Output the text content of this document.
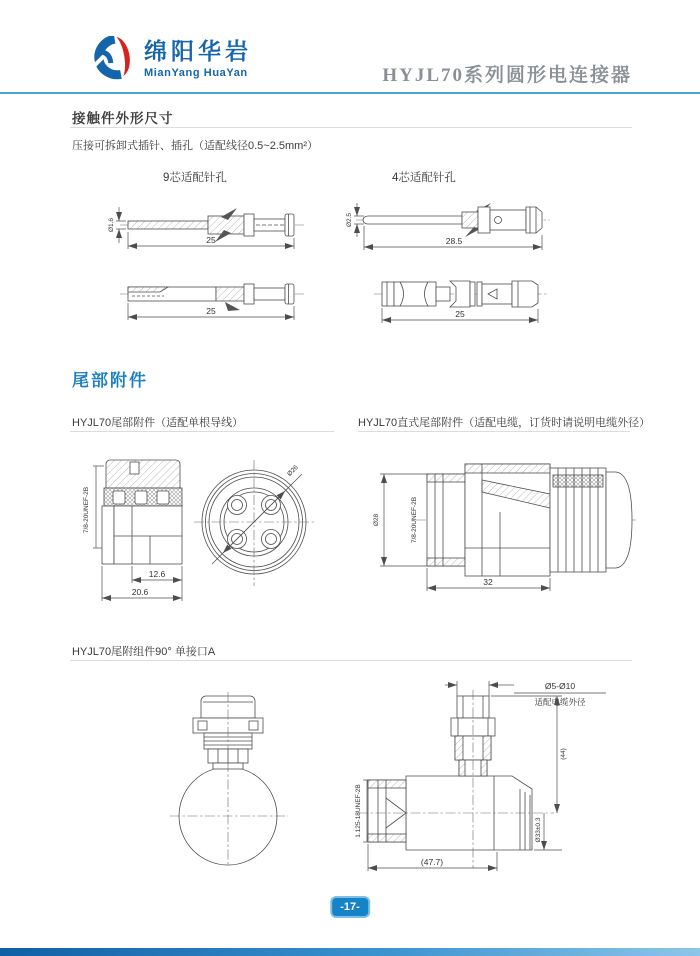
绵阳华岩
MianYang HuaYan	HYJL70系列圆形电连接器
接触件外形尺寸
压接可拆卸式插针、插孔（适配线径0.5~2.5mm²）
9芯适配针孔	4芯适配针孔
Ø1.6
25
25
Ø2.5
28.5
25
尾部附件
HYJL70尾部附件（适配单根导线）	HYJL70直式尾部附件（适配电缆，订货时请说明电缆外径）
7/8-20UNEF-2B
12.6
20.6
Ø26
Ø28	7/8-20UNEF-2B
32
HYJL70尾附组件90° 单接口A
Ø5-Ø10
适配电缆外径
(44)
Ø33±0.3
1.125-18UNEF-2B
(47.7)
-17-
